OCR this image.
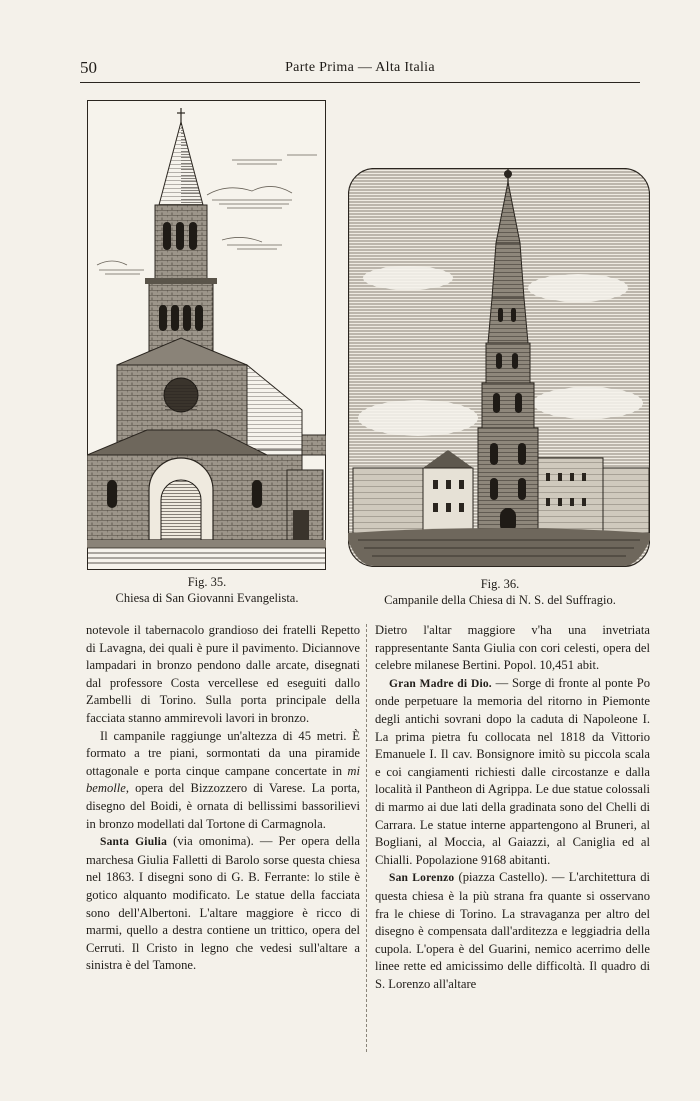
50	Parte Prima — Alta Italia
Fig. 35.
Chiesa di San Giovanni Evangelista.
Fig. 36.
Campanile della Chiesa di N. S. del Suffragio.

notevole il tabernacolo grandioso dei fratelli Repetto di Lavagna, dei quali è pure il pavimento. Diciannove lampadari in bronzo pendono dalle arcate, disegnati dal professore Costa vercellese ed eseguiti dallo Zambelli di Torino. Sulla porta principale della facciata stanno ammirevoli lavori in bronzo.

Il campanile raggiunge un'altezza di 45 metri. È formato a tre piani, sormontati da una piramide ottagonale e porta cinque campane concertate in mi bemolle, opera del Bizzozzero di Varese. La porta, disegno del Boidi, è ornata di bellissimi bassorilievi in bronzo modellati dal Tortone di Carmagnola.

Santa Giulia (via omonima). — Per opera della marchesa Giulia Falletti di Barolo sorse questa chiesa nel 1863. I disegni sono di G. B. Ferrante: lo stile è gotico alquanto modificato. Le statue della facciata sono dell'Albertoni. L'altare maggiore è ricco di marmi, quello a destra contiene un trittico, opera del Cerruti. Il Cristo in legno che vedesi sull'altare a sinistra è del Tamone.

Dietro l'altar maggiore v'ha una invetriata rappresentante Santa Giulia con cori celesti, opera del celebre milanese Bertini. Popol. 10,451 abit.

Gran Madre di Dio. — Sorge di fronte al ponte Po onde perpetuare la memoria del ritorno in Piemonte degli antichi sovrani dopo la caduta di Napoleone I. La prima pietra fu collocata nel 1818 da Vittorio Emanuele I. Il cav. Bonsignore imitò su piccola scala e coi cangiamenti richiesti dalle circostanze e dalla località il Pantheon di Agrippa. Le due statue colossali di marmo ai due lati della gradinata sono del Chelli di Carrara. Le statue interne appartengono al Bruneri, al Bogliani, al Moccia, al Gaiazzi, al Caniglia ed al Chialli. Popolazione 9168 abitanti.

San Lorenzo (piazza Castello). — L'architettura di questa chiesa è la più strana fra quante si osservano fra le chiese di Torino. La stravaganza per altro del disegno è compensata dall'arditezza e leggiadria della cupola. L'opera è del Guarini, nemico acerrimo delle linee rette ed amicissimo delle difficoltà. Il quadro di S. Lorenzo all'altare
